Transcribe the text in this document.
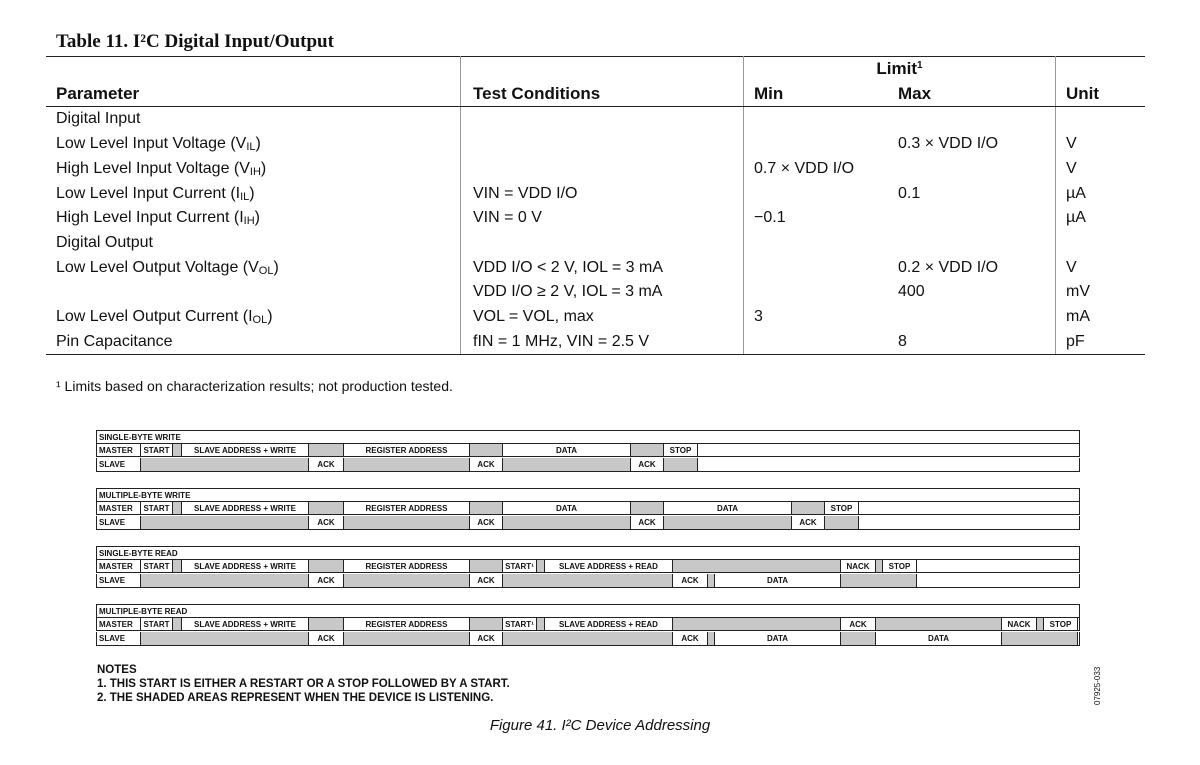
Table 11. I²C Digital Input/Output
		Limit$^1$	
Parameter	Test Conditions	Min	Max	Unit
Digital Input				
Low Level Input Voltage $(V_{IL})$			0.3 × VDD I/O	V
High Level Input Voltage $(V_{IH})$		0.7 × VDD I/O		V
Low Level Input Current $(I_{IL})$	VIN = VDD I/O		0.1	µA
High Level Input Current $(I_{IH})$	VIN = 0 V	−0.1		µA
Digital Output				
Low Level Output Voltage $(V_{OL})$	VDD I/O < 2 V, IOL = 3 mA		0.2 × VDD I/O	V
	VDD I/O ≥ 2 V, IOL = 3 mA		400	mV
Low Level Output Current $(I_{OL})$	VOL = VOL, max	3		mA
Pin Capacitance	fIN = 1 MHz, VIN = 2.5 V		8	pF
¹ Limits based on characterization results; not production tested.
SINGLE-BYTE WRITE
MASTER	START	SLAVE ADDRESS + WRITE	REGISTER ADDRESS	DATA	STOP
SLAVE	ACK	ACK	ACK
MULTIPLE-BYTE WRITE
MASTER	START	SLAVE ADDRESS + WRITE	REGISTER ADDRESS	DATA	DATA	STOP
SLAVE	ACK	ACK	ACK	ACK
SINGLE-BYTE READ
MASTER	START	SLAVE ADDRESS + WRITE	REGISTER ADDRESS	START¹	SLAVE ADDRESS + READ	NACK	STOP
SLAVE	ACK	ACK	ACK	DATA
MULTIPLE-BYTE READ
MASTER	START	SLAVE ADDRESS + WRITE	REGISTER ADDRESS	START¹	SLAVE ADDRESS + READ	ACK	NACK	STOP
SLAVE	ACK	ACK	ACK	DATA	DATA
NOTES
1. THIS START IS EITHER A RESTART OR A STOP FOLLOWED BY A START.
2. THE SHADED AREAS REPRESENT WHEN THE DEVICE IS LISTENING.	07925-033
Figure 41. I²C Device Addressing
